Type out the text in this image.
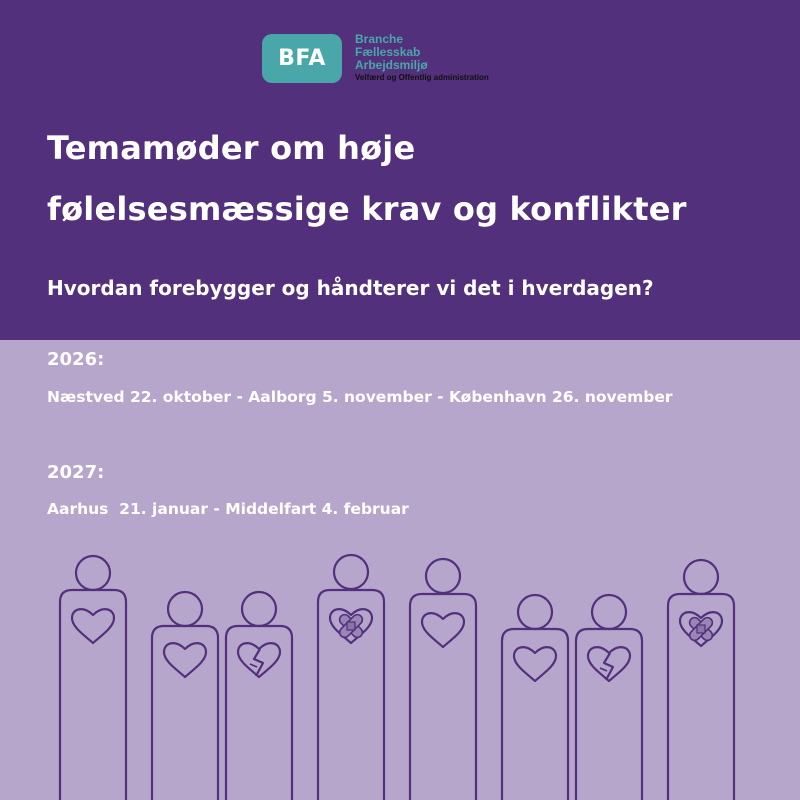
BFA
Branche
Fællesskab
Arbejdsmiljø
Velfærd og Offentlig administration
Temamøder om høje
følelsesmæssige krav og konflikter
Hvordan forebygger og håndterer vi det i hverdagen?
2026:
Næstved 22. oktober - Aalborg 5. november - København 26. november
2027:
Aarhus  21. januar - Middelfart 4. februar
